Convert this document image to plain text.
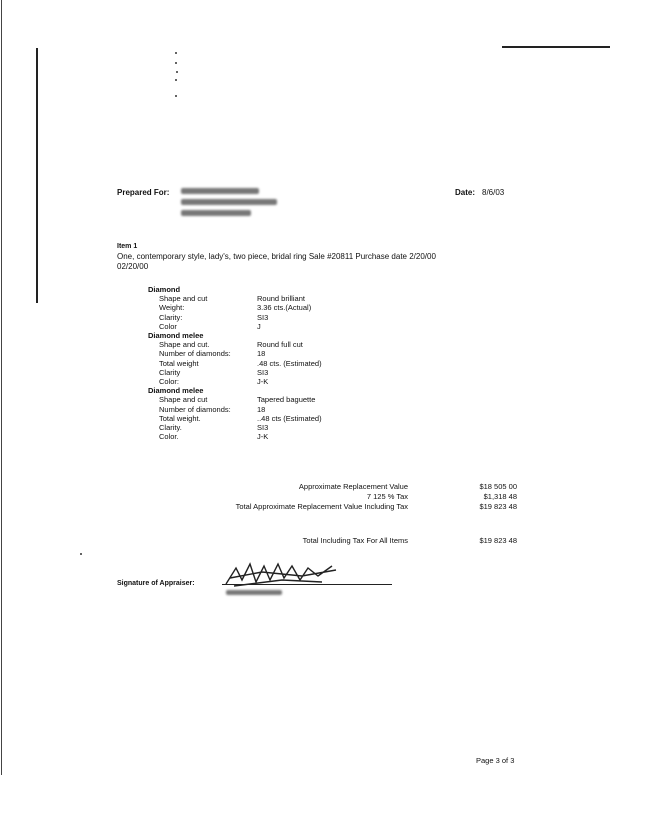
Prepared For:	Date: 8/6/03
Item 1
One, contemporary style, lady's, two piece, bridal ring Sale #20811 Purchase date 2/20/00
02/20/00
Diamond
Shape and cut	Round brilliant
Weight:	3.36 cts.(Actual)
Clarity:	SI3
Color	J
Diamond melee
Shape and cut.	Round full cut
Number of diamonds:	18
Total weight	.48 cts. (Estimated)
Clarity	SI3
Color:	J-K
Diamond melee
Shape and cut	Tapered baguette
Number of diamonds:	18
Total weight.	..48 cts (Estimated)
Clarity.	SI3
Color.	J-K
Approximate Replacement Value	$18 505 00
7 125 % Tax	$1,318 48
Total Approximate Replacement Value Including Tax	$19 823 48
Total Including Tax For All Items	$19 823 48
Signature of Appraiser:
Page 3 of 3
